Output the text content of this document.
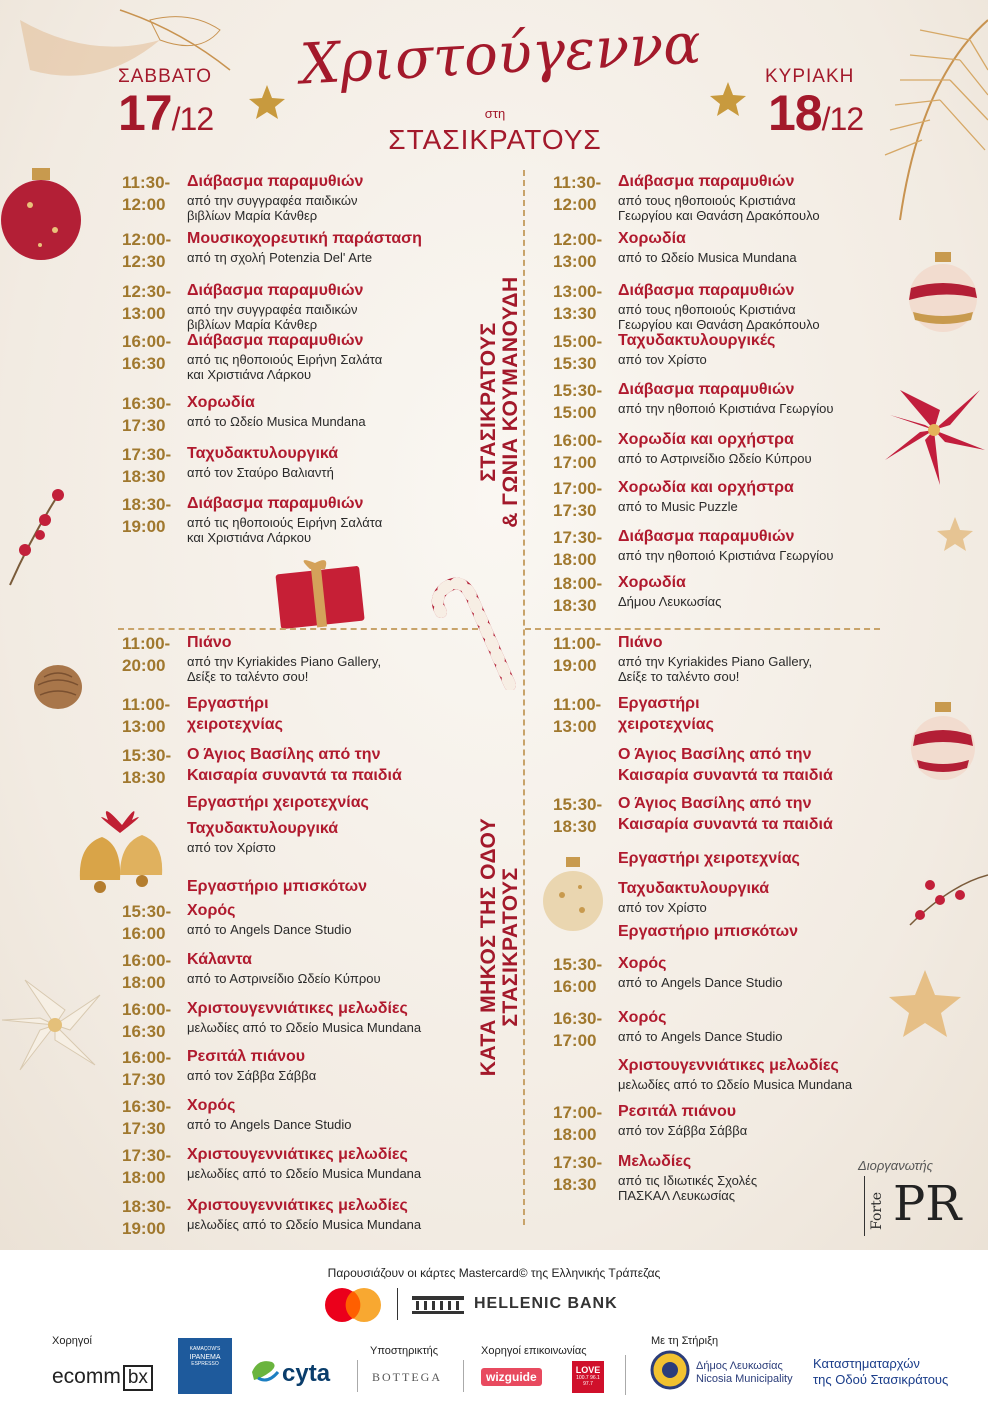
ΣΑΒΒΑΤΟ
17/12
ΚΥΡΙΑΚΗ
18/12
Χριστούγεννα
στη
ΣΤΑΣΙΚΡΑΤΟΥΣ
ΣΤΑΣΙΚΡΑΤΟΥΣ & ΓΩΝΙΑ ΚΟΥΜΑΝΟΥΔΗ
ΚΑΤΑ ΜΗΚΟΣ ΤΗΣ ΟΔΟΥ ΣΤΑΣΙΚΡΑΤΟΥΣ
11:30-
12:00
Διάβασμα παραμυθιών
από την συγγραφέα παιδικών
βιβλίων Μαρία Κάνθερ
12:00-
12:30
Μουσικοχορευτική παράσταση
από τη σχολή Potenzia Del' Arte
12:30-
13:00
Διάβασμα παραμυθιών
από την συγγραφέα παιδικών
βιβλίων Μαρία Κάνθερ
16:00-
16:30
Διάβασμα παραμυθιών
από τις ηθοποιούς Ειρήνη Σαλάτα
και Χριστιάνα Λάρκου
16:30-
17:30
Χορωδία
από το Ωδείο Musica Mundana
17:30-
18:30
Ταχυδακτυλουργικά
από τον Σταύρο Βαλιαντή
18:30-
19:00
Διάβασμα παραμυθιών
από τις ηθοποιούς Ειρήνη Σαλάτα
και Χριστιάνα Λάρκου
11:30-
12:00
Διάβασμα παραμυθιών
από τους ηθοποιούς Κριστιάνα
Γεωργίου και Θανάση Δρακόπουλο
12:00-
13:00
Χορωδία
από το Ωδείο Musica Mundana
13:00-
13:30
Διάβασμα παραμυθιών
από τους ηθοποιούς Κριστιάνα
Γεωργίου και Θανάση Δρακόπουλο
15:00-
15:30
Ταχυδακτυλουργικές
από τον Χρίστο
15:30-
15:00
Διάβασμα παραμυθιών
από την ηθοποιό Κριστιάνα Γεωργίου
16:00-
17:00
Χορωδία και ορχήστρα
από το Αστρινείδιο Ωδείο Κύπρου
17:00-
17:30
Χορωδία και ορχήστρα
από το Music Puzzle
17:30-
18:00
Διάβασμα παραμυθιών
από την ηθοποιό Κριστιάνα Γεωργίου
18:00-
18:30
Χορωδία
Δήμου Λευκωσίας
11:00-
20:00
Πιάνο
από την Kyriakides Piano Gallery,
Δείξε το ταλέντο σου!
11:00-
13:00
Εργαστήρι
χειροτεχνίας
15:30-
18:30
Ο Άγιος Βασίλης από την
Καισαρία συναντά τα παιδιά
Εργαστήρι χειροτεχνίας
Ταχυδακτυλουργικά
από τον Χρίστο
Εργαστήριο μπισκότων
15:30-
16:00
Χορός
από το Angels Dance Studio
16:00-
18:00
Κάλαντα
από το Αστρινείδιο Ωδείο Κύπρου
16:00-
16:30
Χριστουγεννιάτικες μελωδίες
μελωδίες από το Ωδείο Musica Mundana
16:00-
17:30
Ρεσιτάλ πιάνου
από τον Σάββα Σάββα
16:30-
17:30
Χορός
από το Angels Dance Studio
17:30-
18:00
Χριστουγεννιάτικες μελωδίες
μελωδίες από το Ωδείο Musica Mundana
18:30-
19:00
Χριστουγεννιάτικες μελωδίες
μελωδίες από το Ωδείο Musica Mundana
11:00-
19:00
Πιάνο
από την Kyriakides Piano Gallery,
Δείξε το ταλέντο σου!
11:00-
13:00
Εργαστήρι
χειροτεχνίας
Ο Άγιος Βασίλης από την
Καισαρία συναντά τα παιδιά
15:30-
18:30
Ο Άγιος Βασίλης από την
Καισαρία συναντά τα παιδιά
Εργαστήρι χειροτεχνίας
Ταχυδακτυλουργικά
από τον Χρίστο
Εργαστήριο μπισκότων
15:30-
16:00
Χορός
από το Angels Dance Studio
16:30-
17:00
Χορός
από το Angels Dance Studio
Χριστουγεννιάτικες μελωδίες
μελωδίες από το Ωδείο Musica Mundana
17:00-
18:00
Ρεσιτάλ πιάνου
από τον Σάββα Σάββα
17:30-
18:30
Μελωδίες
από τις Ιδιωτικές Σχολές
ΠΑΣΚΑΛ Λευκωσίας
Διοργανωτής
Forte PR
Παρουσιάζουν οι κάρτες Mastercard© της Ελληνικής Τράπεζας
HELLENIC BANK
Χορηγοί
Υποστηρικτής	Χορηγοί επικοινωνίας
Με τη Στήριξη
ecomm bx
KAMAÇOW'S
IPANEMA
ESPRESSO	cyta	BOTTEGA	wizguide	LOVE
100.7 96.1 97.7
Δήμος Λευκωσίας
Nicosia Municipality
Καταστηματαρχών
της Οδού Στασικράτους
